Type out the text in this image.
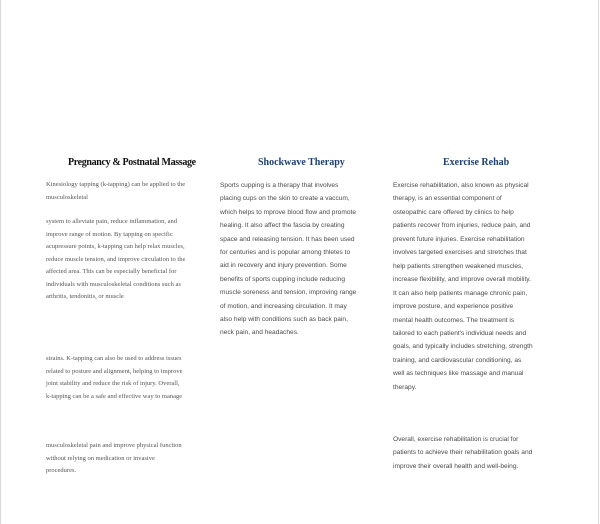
Pregnancy & Postnatal Massage

Kinesiology tapping (k-tapping) can be applied to the musculoskeletal

system to alleviate pain, reduce inflammation, and improve range of motion. By tapping on specific acupressure points, k-tapping can help relax muscles, reduce muscle tension, and improve circulation to the affected area. This can be especially beneficial for individuals with musculoskeletal conditions such as arthritis, tendonitis, or muscle

strains. K-tapping can also be used to address issues related to posture and alignment, helping to improve joint stability and reduce the risk of injury. Overall, k-tapping can be a safe and effective way to manage

musculoskeletal pain and improve physical function without relying on medication or invasive procedures.

Shockwave Therapy

Sports cupping is a therapy that involves placing cups on the skin to create a vaccum, which helps to mprove blood flow and promote healing. It also affect the fascia by creating space and releasing tension. It has been used for centuries and is popular among thletes to aid in recovery and injury prevention. Some benefits of sports cupping include reducing muscle soreness and tension, improving range of motion, and increasing circulation. It may also help with conditions such as back pain, neck pain, and headaches.

Exercise Rehab

Exercise rehabilitation, also known as physical therapy, is an essential component of osteopathic care offered by clinics to help patients recover from injuries, reduce pain, and prevent future injuries. Exercise rehabilitation involves targeted exercises and stretches that help patients strengthen weakened muscles, increase flexibility, and improve overall mobility. It can also help patients manage chronic pain, improve posture, and experience positive mental health outcomes. The treatment is tailored to each patient's individual needs and goals, and typically includes stretching, strength training, and cardiovascular conditioning, as well as techniques like massage and manual therapy.

Overall, exercise rehabilitation is crucial for patients to achieve their rehabilitation goals and improve their overall health and well-being.
